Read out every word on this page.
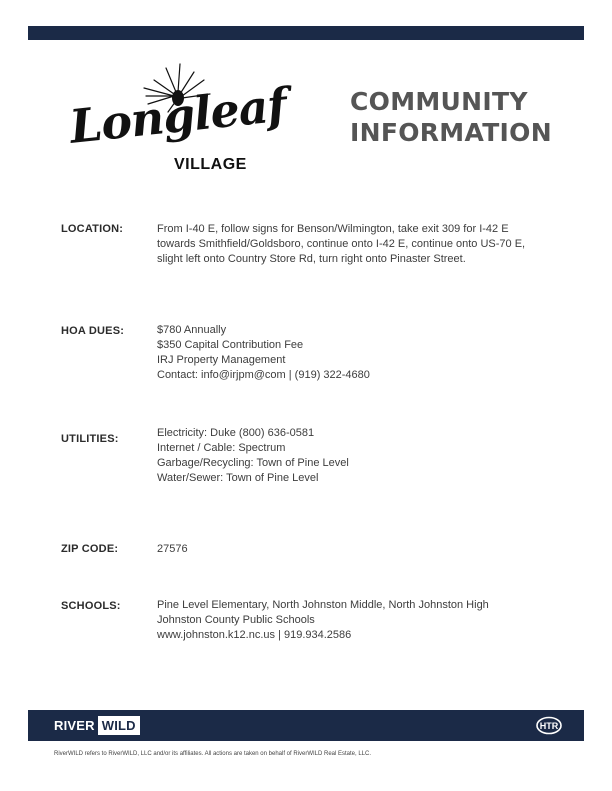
Longleaf
VILLAGE
COMMUNITY
INFORMATION
LOCATION:	From I-40 E, follow signs for Benson/Wilmington, take exit 309 for I-42 E towards Smithfield/Goldsboro, continue onto I-42 E, continue onto US-70 E, slight left onto Country Store Rd, turn right onto Pinaster Street.
HOA DUES:	$780 Annually
$350 Capital Contribution Fee
IRJ Property Management
Contact: info@irjpm@com | (919) 322-4680
UTILITIES:	Electricity: Duke (800) 636-0581
Internet / Cable: Spectrum
Garbage/Recycling: Town of Pine Level
Water/Sewer: Town of Pine Level
ZIP CODE:	27576
SCHOOLS:	Pine Level Elementary, North Johnston Middle, North Johnston High
Johnston County Public Schools
www.johnston.k12.nc.us | 919.934.2586
RIVER WILD	HTR
RiverWILD refers to RiverWILD, LLC and/or its affiliates. All actions are taken on behalf of RiverWILD Real Estate, LLC.
